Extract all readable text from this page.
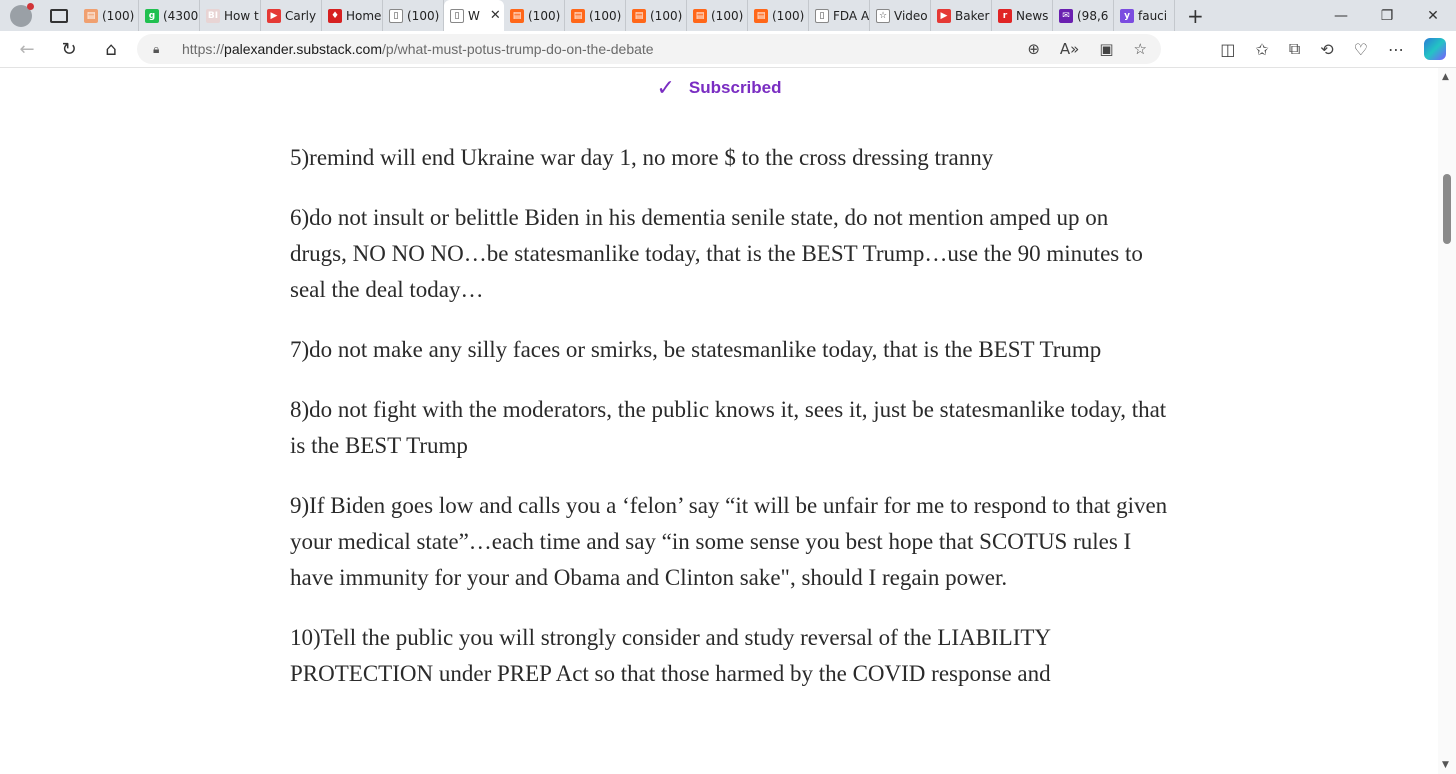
▤ (100)	g (4300 BI How t	▶ Carly	♦ Home	▯ (100)	▯ W ✕	▤ (100)	▤ (100)	▤ (100)	▤ (100)	▤ (100)	▯ FDA A	☆ Video	▶ Baker	r News	✉ (98,6	y fauci +	—	❐	✕
←	↻	⌂	🔒︎	https://palexander.substack.com/p/what-must-potus-trump-do-on-the-debate	⊕ A» ▣ ☆	◫ ✩ ⧉ ⟲ ♡ ⋯
✓ Subscribed

5)remind will end Ukraine war day 1, no more $ to the cross dressing tranny

6)do not insult or belittle Biden in his dementia senile state, do not mention amped up on drugs, NO NO NO…be statesmanlike today, that is the BEST Trump…use the 90 minutes to seal the deal today…

7)do not make any silly faces or smirks, be statesmanlike today, that is the BEST Trump

8)do not fight with the moderators, the public knows it, sees it, just be statesmanlike today, that is the BEST Trump

9)If Biden goes low and calls you a ‘felon’ say “it will be unfair for me to respond to that given your medical state”…each time and say “in some sense you best hope that SCOTUS rules I have immunity for your and Obama and Clinton sake", should I regain power.

10)Tell the public you will strongly consider and study reversal of the LIABILITY PROTECTION under PREP Act so that those harmed by the COVID response and

▲
▼
